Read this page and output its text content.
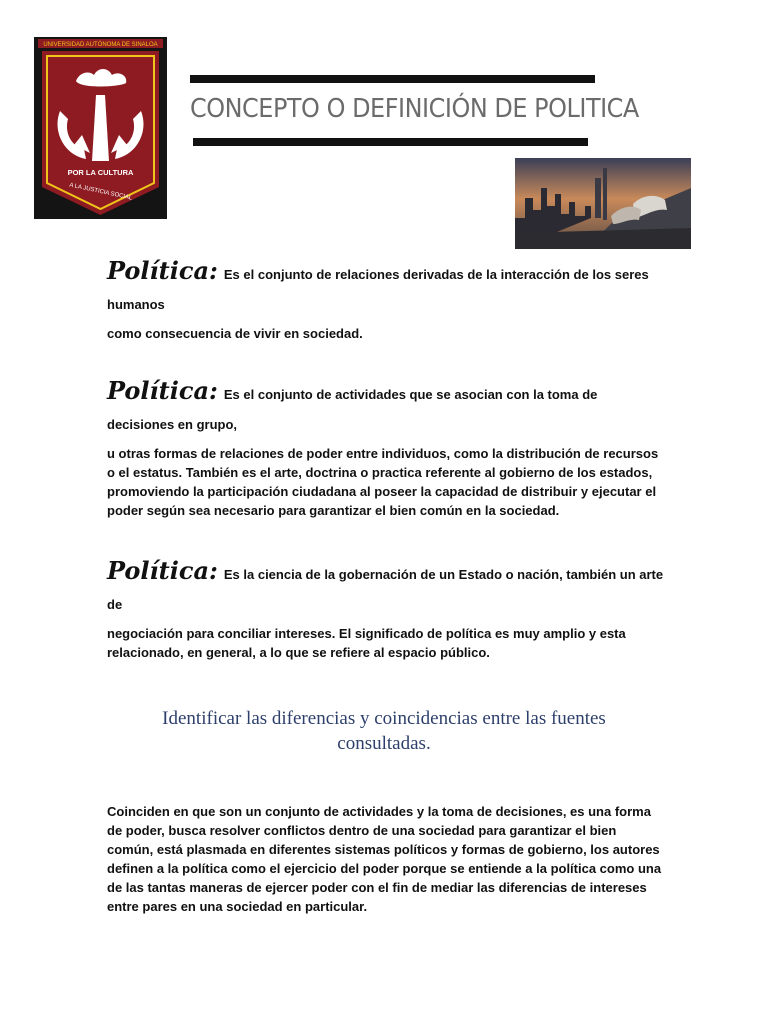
UNIVERSIDAD AUTÓNOMA DE SINALOA
POR LA CULTURA
A LA JUSTICIA SOCIAL
CONCEPTO O DEFINICIÓN DE POLITICA
Política: Es el conjunto de relaciones derivadas de la interacción de los seres humanos
como consecuencia de vivir en sociedad.
Política: Es el conjunto de actividades que se asocian con la toma de decisiones en grupo,
u otras formas de relaciones de poder entre individuos, como la distribución de recursos o el estatus. También es el arte, doctrina o practica referente al gobierno de los estados, promoviendo la participación ciudadana al poseer la capacidad de distribuir y ejecutar el poder según sea necesario para garantizar el bien común en la sociedad.
Política: Es la ciencia de la gobernación de un Estado o nación, también un arte de
negociación para conciliar intereses. El significado de política es muy amplio y esta relacionado, en general, a lo que se refiere al espacio público.
Identificar las diferencias y coincidencias entre las fuentes consultadas.
Coinciden en que son un conjunto de actividades y la toma de decisiones, es una forma de poder, busca resolver conflictos dentro de una sociedad para garantizar el bien común, está plasmada en diferentes sistemas políticos y formas de gobierno, los autores definen a la política como el ejercicio del poder porque se entiende a la política como una de las tantas maneras de ejercer poder con el fin de mediar las diferencias de intereses entre pares en una sociedad en particular.
